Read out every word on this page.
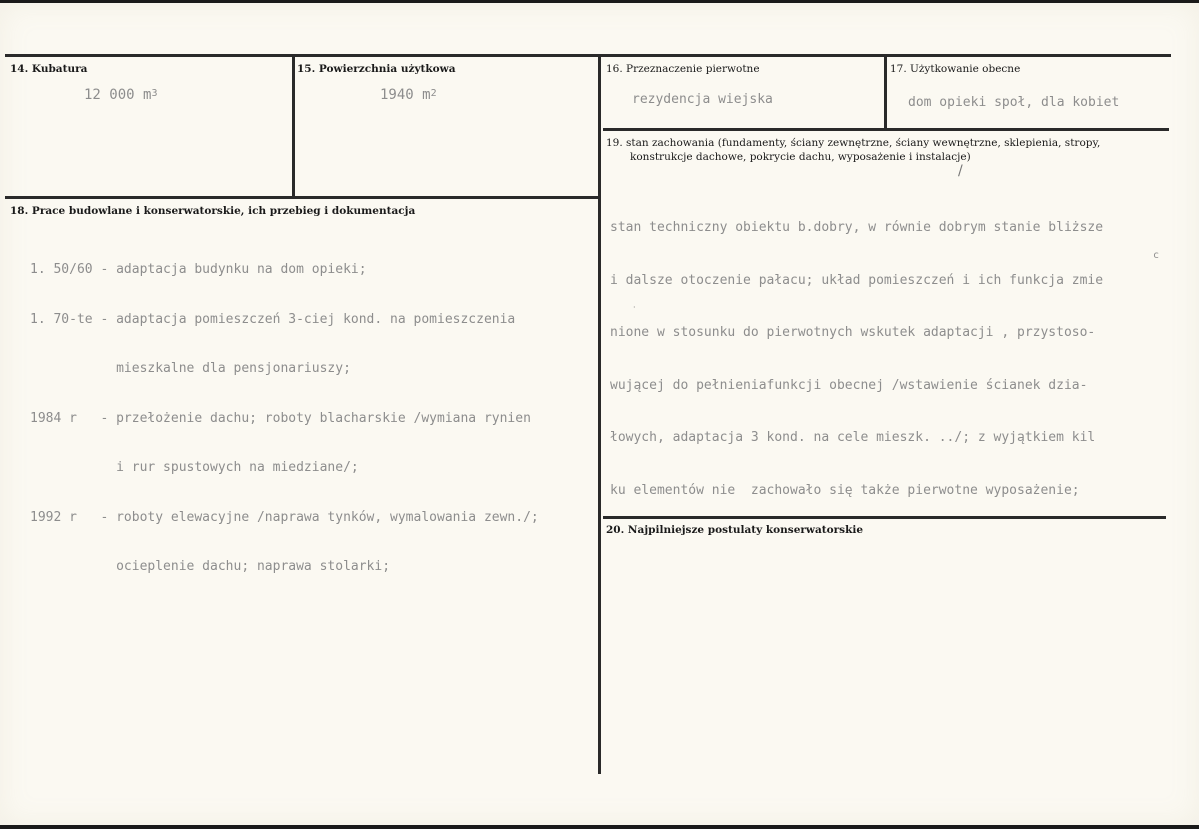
14. Kubatura
12 000 $m^3$
15. Powierzchnia użytkowa
1940 $m^2$
16. Przeznaczenie pierwotne
rezydencja wiejska
17. Użytkowanie obecne
dom opieki społ, dla kobiet
18. Prace budowlane i konserwatorskie, ich przebieg i dokumentacja

1. 50/60 - adaptacja budynku na dom opieki;

1. 70-te - adaptacja pomieszczeń 3-ciej kond. na pomieszczenia

mieszkalne dla pensjonariuszy;

1984 r   - przełożenie dachu; roboty blacharskie /wymiana rynien

i rur spustowych na miedziane/;

1992 r   - roboty elewacyjne /naprawa tynków, wymalowania zewn./;

ocieplenie dachu; naprawa stolarki;

19. stan zachowania (fundamenty, ściany zewnętrzne, ściany wewnętrzne, sklepienia, stropy,
konstrukcje dachowe, pokrycie dachu, wyposażenie i instalacje)
/

stan techniczny obiektu b.dobry, w równie dobrym stanie bliższe

i dalsze otoczenie pałacu; układ pomieszczeń i ich funkcja zmie

nione w stosunku do pierwotnych wskutek adaptacji , przystoso-

wującej do pełnieniafunkcji obecnej /wstawienie ścianek dzia-

łowych, adaptacja 3 kond. na cele mieszk. ../; z wyjątkiem kil

ku elementów nie  zachowało się także pierwotne wyposażenie;

c
·
20. Najpilniejsze postulaty konserwatorskie
